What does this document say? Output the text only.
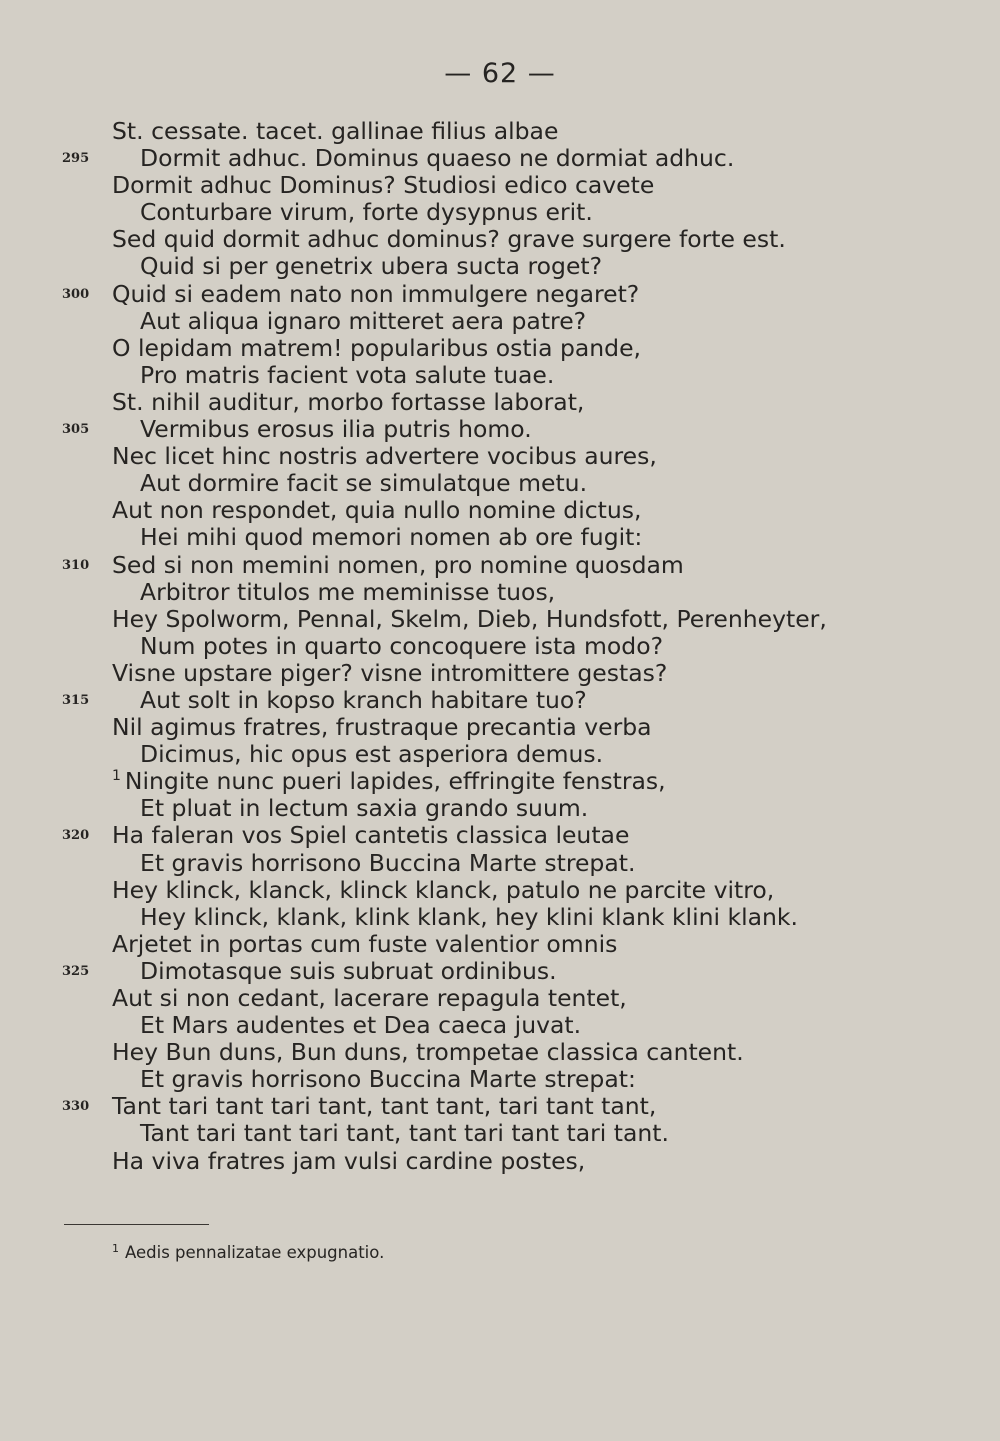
— 62 —
St. cessate. tacet. gallinae filius albae
295 Dormit adhuc. Dominus quaeso ne dormiat adhuc.
Dormit adhuc Dominus? Studiosi edico cavete
Conturbare virum, forte dysypnus erit.
Sed quid dormit adhuc dominus? grave surgere forte est.
Quid si per genetrix ubera sucta roget?
300 Quid si eadem nato non immulgere negaret?
Aut aliqua ignaro mitteret aera patre?
O lepidam matrem! popularibus ostia pande,
Pro matris facient vota salute tuae.
St. nihil auditur, morbo fortasse laborat,
305 Vermibus erosus ilia putris homo.
Nec licet hinc nostris advertere vocibus aures,
Aut dormire facit se simulatque metu.
Aut non respondet, quia nullo nomine dictus,
Hei mihi quod memori nomen ab ore fugit:
310 Sed si non memini nomen, pro nomine quosdam
Arbitror titulos me meminisse tuos,
Hey Spolworm, Pennal, Skelm, Dieb, Hundsfott, Perenheyter,
Num potes in quarto concoquere ista modo?
Visne upstare piger? visne intromittere gestas?
315 Aut solt in kopso kranch habitare tuo?
Nil agimus fratres, frustraque precantia verba
Dicimus, hic opus est asperiora demus.
$^1$ Ningite nunc pueri lapides, effringite fenstras,
Et pluat in lectum saxia grando suum.
320 Ha faleran vos Spiel cantetis classica leutae
Et gravis horrisono Buccina Marte strepat.
Hey klinck, klanck, klinck klanck, patulo ne parcite vitro,
Hey klinck, klank, klink klank, hey klini klank klini klank.
Arjetet in portas cum fuste valentior omnis
325 Dimotasque suis subruat ordinibus.
Aut si non cedant, lacerare repagula tentet,
Et Mars audentes et Dea caeca juvat.
Hey Bun duns, Bun duns, trompetae classica cantent.
Et gravis horrisono Buccina Marte strepat:
330 Tant tari tant tari tant, tant tant, tari tant tant,
Tant tari tant tari tant, tant tari tant tari tant.
Ha viva fratres jam vulsi cardine postes,
$^1$ Aedis pennalizatae expugnatio.
